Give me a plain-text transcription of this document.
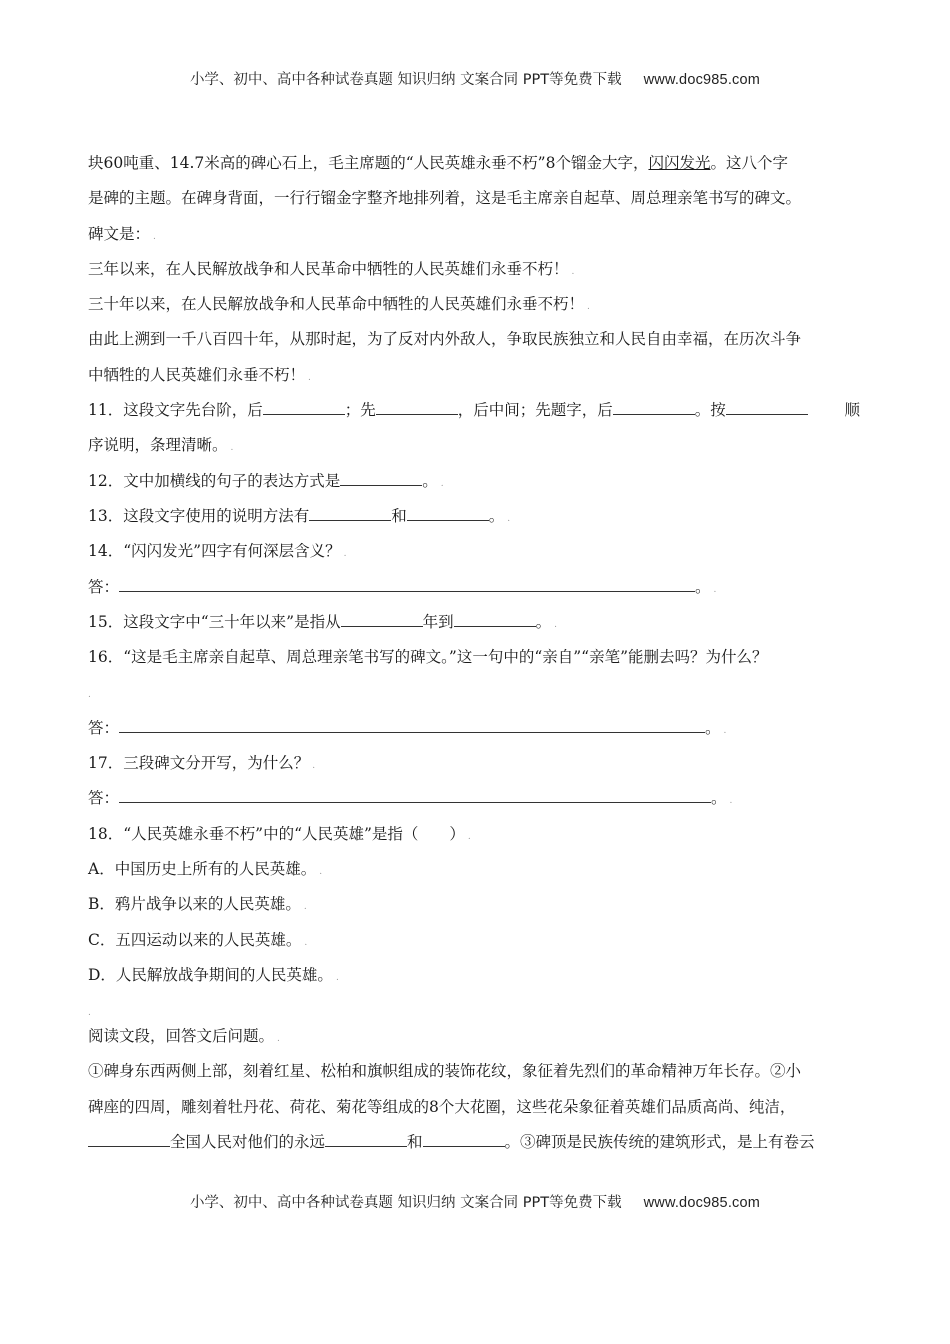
小学、初中、高中各种试卷真题 知识归纳 文案合同 PPT等免费下载 www.doc985.com
块60吨重、14.7米高的碑心石上，毛主席题的“人民英雄永垂不朽”8个镏金大字，闪闪发光。这八个字
是碑的主题。在碑身背面，一行行镏金字整齐地排列着，这是毛主席亲自起草、周总理亲笔书写的碑文。
碑文是： .
三年以来，在人民解放战争和人民革命中牺牲的人民英雄们永垂不朽！ .
三十年以来，在人民解放战争和人民革命中牺牲的人民英雄们永垂不朽！ .
由此上溯到一千八百四十年，从那时起，为了反对内外敌人，争取民族独立和人民自由幸福，在历次斗争
中牺牲的人民英雄们永垂不朽！ .
11．这段文字先台阶，后	；先	，后中间；先题字，后	。按	顺
序说明，条理清晰。 .
12．文中加横线的句子的表达方式是	。 .
13．这段文字使用的说明方法有	和	。 .
14．“闪闪发光”四字有何深层含义？ .
答：	。 .
15．这段文字中“三十年以来”是指从	年到	。 .
16．“这是毛主席亲自起草、周总理亲笔书写的碑文。”这一句中的“亲自”“亲笔”能删去吗？为什么？
.
答：	。 .
17．三段碑文分开写，为什么？ .
答：	。 .
18．“人民英雄永垂不朽”中的“人民英雄”是指（　　） .
A．中国历史上所有的人民英雄。 .
B．鸦片战争以来的人民英雄。 .
C．五四运动以来的人民英雄。 .
D．人民解放战争期间的人民英雄。 .
.
阅读文段，回答文后问题。 .
①碑身东西两侧上部，刻着红星、松柏和旗帜组成的装饰花纹，象征着先烈们的革命精神万年长存。②小
碑座的四周，雕刻着牡丹花、荷花、菊花等组成的8个大花圈，这些花朵象征着英雄们品质高尚、纯洁，
全国人民对他们的永远	和	。③碑顶是民族传统的建筑形式，是上有卷云
小学、初中、高中各种试卷真题 知识归纳 文案合同 PPT等免费下载 www.doc985.com
